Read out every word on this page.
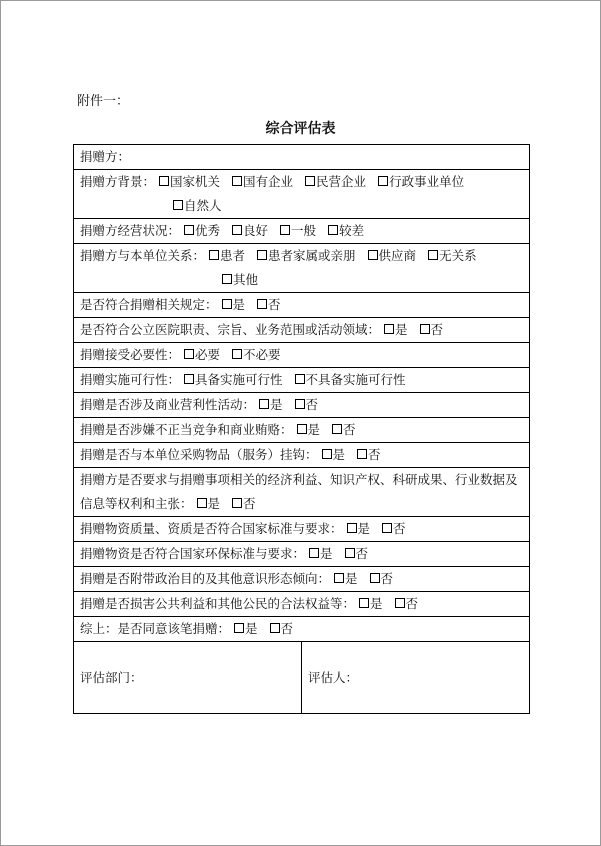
附件一：
综合评估表
捐赠方：
捐赠方背景： 国家机关 国有企业 民营企业 行政事业单位
自然人

捐赠方经营状况： 优秀 良好 一般 较差
捐赠方与本单位关系： 患者 患者家属或亲朋 供应商 无关系
其他

是否符合捐赠相关规定： 是 否
是否符合公立医院职责、宗旨、业务范围或活动领域： 是 否
捐赠接受必要性： 必要 不必要
捐赠实施可行性： 具备实施可行性 不具备实施可行性
捐赠是否涉及商业营利性活动： 是 否
捐赠是否涉嫌不正当竞争和商业贿赂： 是 否
捐赠是否与本单位采购物品（服务）挂钩： 是 否
捐赠方是否要求与捐赠事项相关的经济利益、知识产权、科研成果、行业数据及信息等权利和主张： 是 否
捐赠物资质量、资质是否符合国家标准与要求： 是 否
捐赠物资是否符合国家环保标准与要求： 是 否
捐赠是否附带政治目的及其他意识形态倾向： 是 否
捐赠是否损害公共利益和其他公民的合法权益等： 是 否
综上：是否同意该笔捐赠： 是 否
评估部门：	评估人：
